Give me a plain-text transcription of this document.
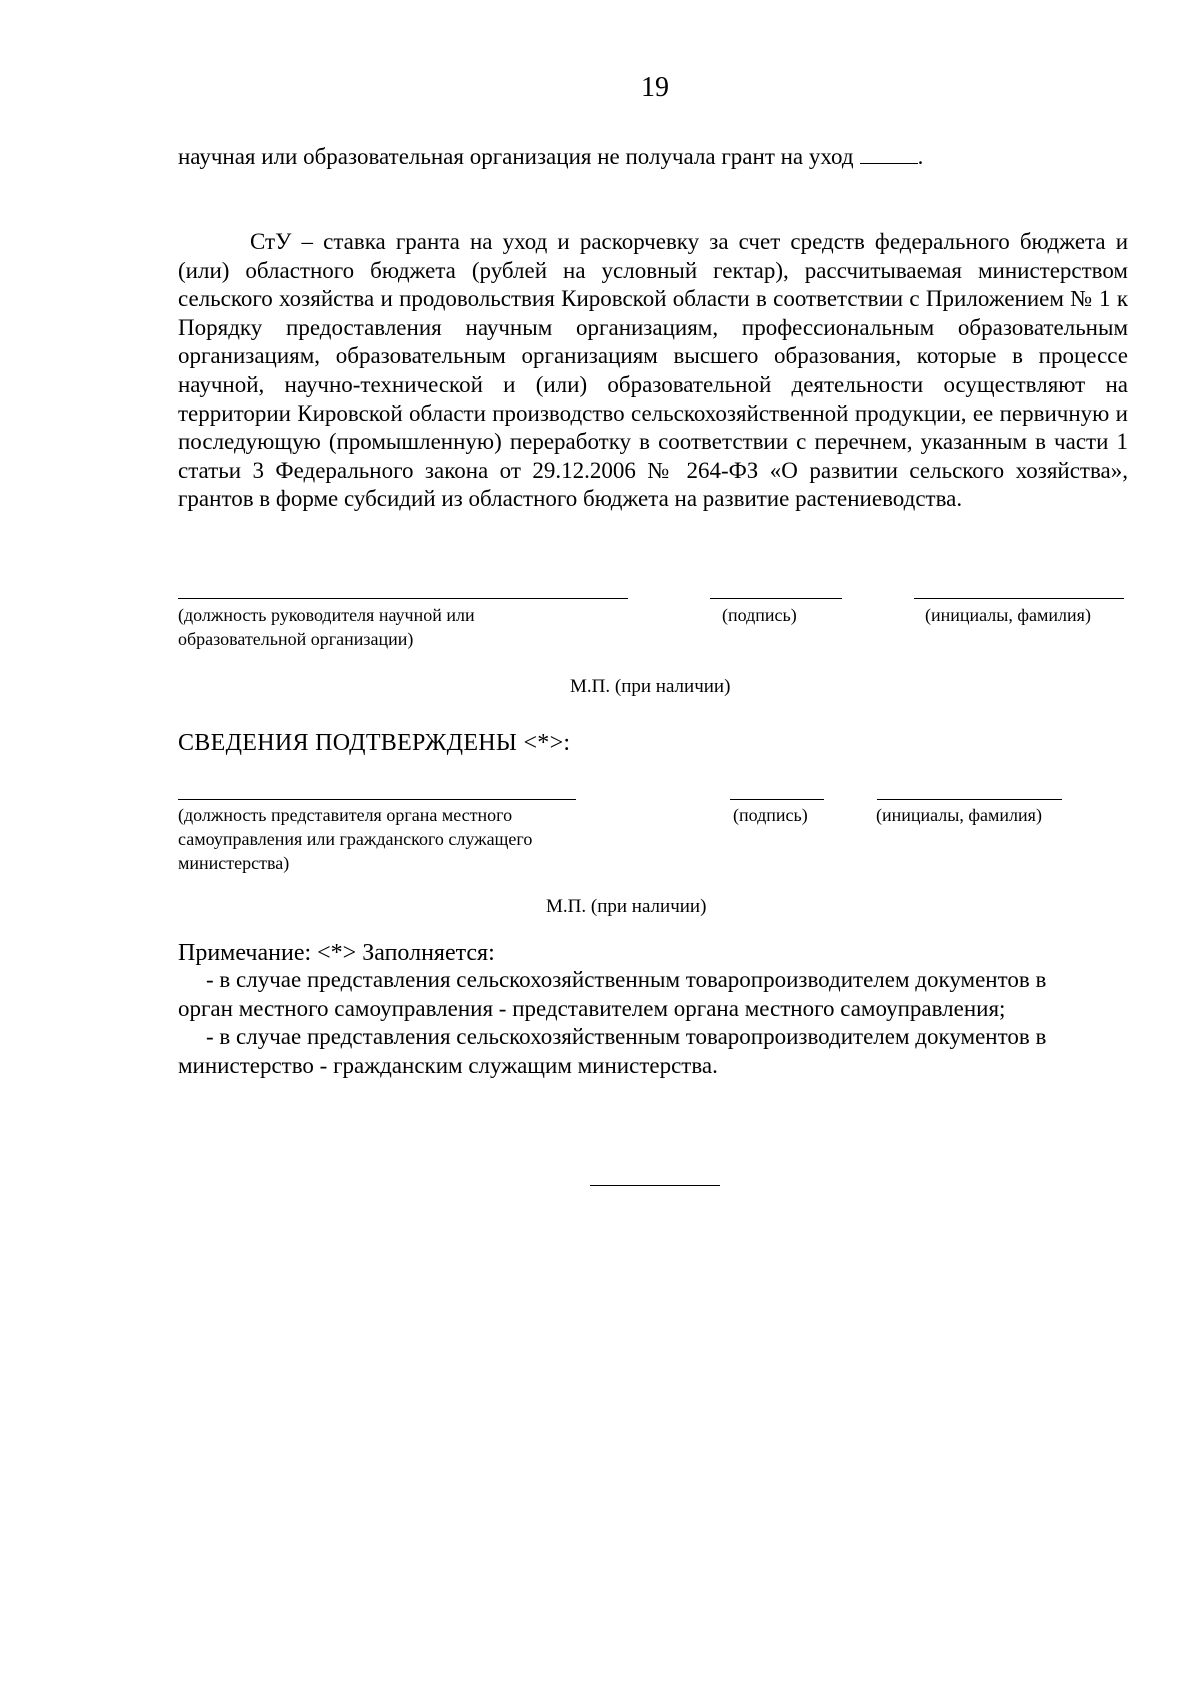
19
научная или образовательная организация не получала грант на уход	.

СтУ – ставка гранта на уход и раскорчевку за счет средств федерального бюджета и (или) областного бюджета (рублей на условный гектар), рассчитываемая министерством сельского хозяйства и продовольствия Кировской области в соответствии с Приложением № 1 к Порядку предоставления научным организациям, профессиональным образовательным организациям, образовательным организациям высшего образования, которые в процессе научной, научно-технической и (или) образовательной деятельности осуществляют на территории Кировской области производство сельскохозяйственной продукции, ее первичную и последующую (промышленную) переработку в соответствии с перечнем, указанным в части 1 статьи 3 Федерального закона от 29.12.2006 № 264-ФЗ «О развитии сельского хозяйства», грантов в форме субсидий из областного бюджета на развитие растениеводства.

(должность руководителя научной или образовательной организации)
(подпись)	(инициалы, фамилия)
М.П. (при наличии)
СВЕДЕНИЯ ПОДТВЕРЖДЕНЫ <*>:
(должность представителя органа местного самоуправления или гражданского служащего министерства)
(подпись)	(инициалы, фамилия)
М.П. (при наличии)
Примечание: <*> Заполняется:

- в случае представления сельскохозяйственным товаропроизводителем документов в орган местного самоуправления - представителем органа местного самоуправления;

- в случае представления сельскохозяйственным товаропроизводителем документов в министерство - гражданским служащим министерства.
